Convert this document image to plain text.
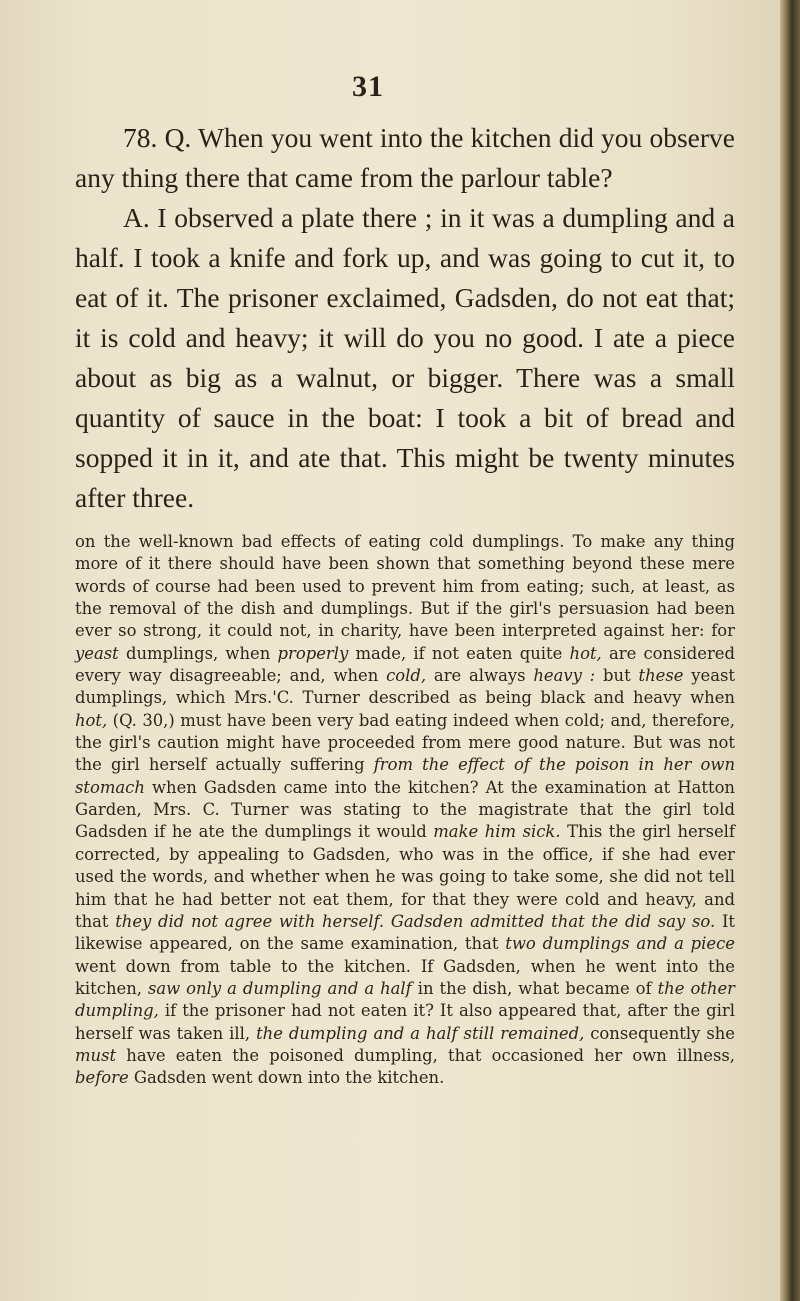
31

78. Q. When you went into the kitchen did you observe any thing there that came from the parlour table?

A. I observed a plate there ; in it was a dumpling and a half. I took a knife and fork up, and was going to cut it, to eat of it. The prisoner exclaimed, Gadsden, do not eat that; it is cold and heavy; it will do you no good. I ate a piece about as big as a walnut, or bigger. There was a small quantity of sauce in the boat: I took a bit of bread and sopped it in it, and ate that. This might be twenty minutes after three.

on the well-known bad effects of eating cold dumplings. To make any thing more of it there should have been shown that something beyond these mere words of course had been used to prevent him from eating; such, at least, as the removal of the dish and dumplings. But if the girl's persuasion had been ever so strong, it could not, in charity, have been interpreted against her: for yeast dumplings, when properly made, if not eaten quite hot, are considered every way disagreeable; and, when cold, are always heavy : but these yeast dumplings, which Mrs.'C. Turner described as being black and heavy when hot, (Q. 30,) must have been very bad eating indeed when cold; and, therefore, the girl's caution might have proceeded from mere good nature. But was not the girl herself actually suffering from the effect of the poison in her own stomach when Gadsden came into the kitchen? At the examination at Hatton Garden, Mrs. C. Turner was stating to the magistrate that the girl told Gadsden if he ate the dumplings it would make him sick. This the girl herself corrected, by appealing to Gadsden, who was in the office, if she had ever used the words, and whether when he was going to take some, she did not tell him that he had better not eat them, for that they were cold and heavy, and that they did not agree with herself. Gadsden admitted that the did say so. It likewise appeared, on the same examination, that two dumplings and a piece went down from table to the kitchen. If Gadsden, when he went into the kitchen, saw only a dumpling and a half in the dish, what became of the other dumpling, if the prisoner had not eaten it? It also appeared that, after the girl herself was taken ill, the dumpling and a half still remained, consequently she must have eaten the poisoned dumpling, that occasioned her own illness, before Gadsden went down into the kitchen.
